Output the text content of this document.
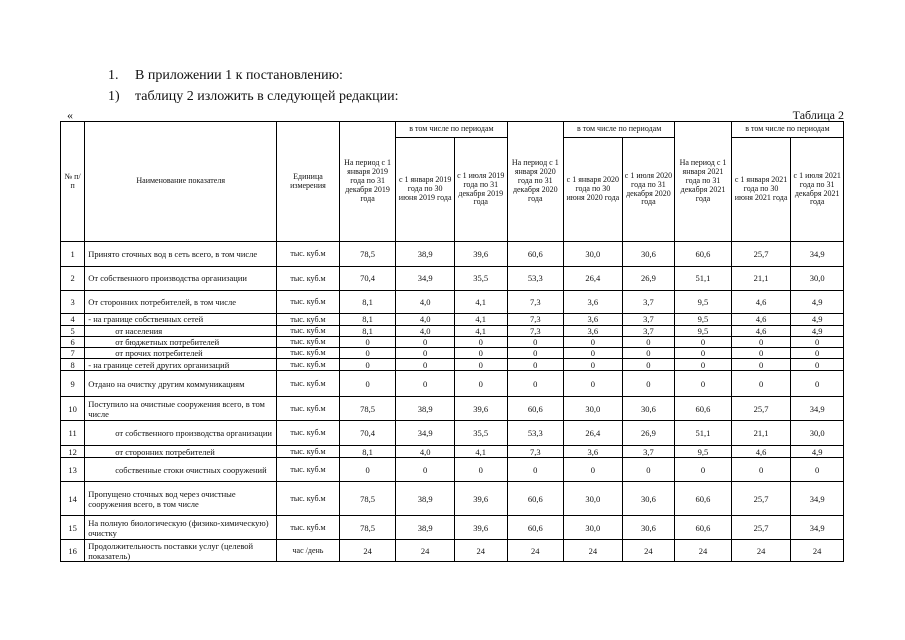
1. В приложении 1 к постановлению:
1) таблицу 2 изложить в следующей редакции:
«	Таблица 2
№ п/п	Наименование показателя	Единица измерения	На период с 1 января 2019 года по 31 декабря 2019 года	в том числе по периодам		На период с 1 января 2020 года по 31 декабря 2020 года	в том числе по периодам		На период с 1 января 2021 года по 31 декабря 2021 года	в том числе по периодам	
				с 1 января 2019 года по 30 июня 2019 года	с 1 июля 2019 года по 31 декабря 2019 года		с 1 января 2020 года по 30 июня 2020 года	с 1 июля 2020 года по 31 декабря 2020 года		с 1 января 2021 года по 30 июня 2021 года	с 1 июля 2021 года по 31 декабря 2021 года
1	Принято сточных вод в сеть всего, в том числе	тыс. куб.м	78,5	38,9	39,6	60,6	30,0	30,6	60,6	25,7	34,9
2	От собственного производства организации	тыс. куб.м	70,4	34,9	35,5	53,3	26,4	26,9	51,1	21,1	30,0
3	От сторонних потребителей, в том числе	тыс. куб.м	8,1	4,0	4,1	7,3	3,6	3,7	9,5	4,6	4,9
4	- на границе собственных сетей	тыс. куб.м	8,1	4,0	4,1	7,3	3,6	3,7	9,5	4,6	4,9
5	от населения	тыс. куб.м	8,1	4,0	4,1	7,3	3,6	3,7	9,5	4,6	4,9
6	от бюджетных потребителей	тыс. куб.м	0	0	0	0	0	0	0	0	0
7	от прочих потребителей	тыс. куб.м	0	0	0	0	0	0	0	0	0
8	- на границе сетей других организаций	тыс. куб.м	0	0	0	0	0	0	0	0	0
9	Отдано на очистку другим коммуникациям	тыс. куб.м	0	0	0	0	0	0	0	0	0
10	Поступило на очистные сооружения всего, в том числе	тыс. куб.м	78,5	38,9	39,6	60,6	30,0	30,6	60,6	25,7	34,9
11	от собственного производства организации	тыс. куб.м	70,4	34,9	35,5	53,3	26,4	26,9	51,1	21,1	30,0
12	от сторонних потребителей	тыс. куб.м	8,1	4,0	4,1	7,3	3,6	3,7	9,5	4,6	4,9
13	собственные стоки очистных сооружений	тыс. куб.м	0	0	0	0	0	0	0	0	0
14	Пропущено сточных вод через очистные сооружения всего, в том числе	тыс. куб.м	78,5	38,9	39,6	60,6	30,0	30,6	60,6	25,7	34,9
15	На полную биологическую (физико-химическую) очистку	тыс. куб.м	78,5	38,9	39,6	60,6	30,0	30,6	60,6	25,7	34,9
16	Продолжительность поставки услуг (целевой показатель)	час /день	24	24	24	24	24	24	24	24	24
